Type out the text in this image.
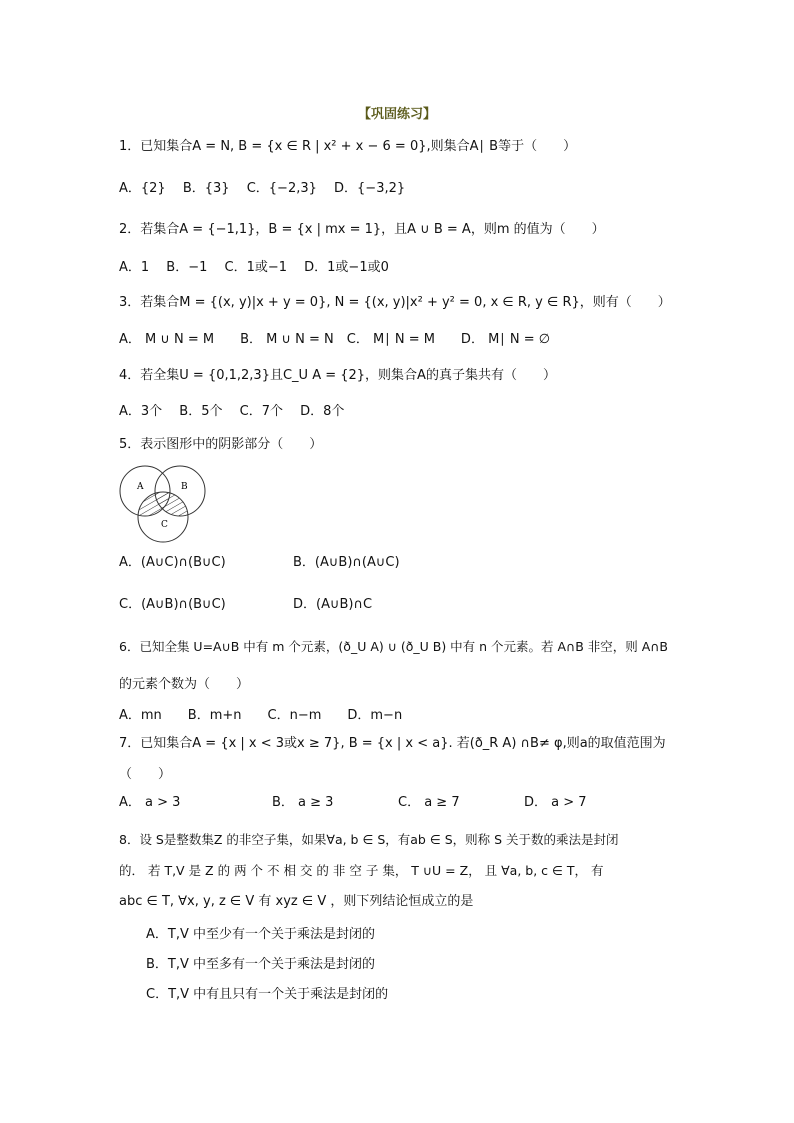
【巩固练习】
1．已知集合A = N, B = {x ∈ R | x² + x − 6 = 0},则集合A∣ B等于（　　）
A．{2}　 B．{3}　 C．{−2,3}　 D．{−3,2}
2．若集合A = {−1,1}，B = {x | mx = 1}，且A ∪ B = A，则m 的值为（　　）
A．1　 B．−1　 C．1或−1　 D．1或−1或0
3．若集合M = {(x, y)|x + y = 0}, N = {(x, y)|x² + y² = 0, x ∈ R, y ∈ R}，则有（　　）
A． M ∪ N = M　　B． M ∪ N = N　C． M∣ N = M　　D． M∣ N = ∅
4．若全集U = {0,1,2,3}且C_U A = {2}，则集合A的真子集共有（　　）
A．3个　 B．5个　 C．7个　 D．8个
5．表示图形中的阴影部分（　　）
A	B
C
A．(A∪C)∩(B∪C)	B．(A∪B)∩(A∪C)
C．(A∪B)∩(B∪C)	D．(A∪B)∩C
6．已知全集 U=A∪B 中有 m 个元素，(ð_U A) ∪ (ð_U B) 中有 n 个元素。若 A∩B 非空，则 A∩B
的元素个数为（　　）
A．mn　　B．m+n　　C．n−m　　D．m−n
7．已知集合A = {x | x < 3或x ≥ 7}, B = {x | x < a}. 若(ð_R A) ∩B≠ φ,则a的取值范围为
（　　）
A． a > 3	B． a ≥ 3	C． a ≥ 7	D． a > 7
8．设 S是整数集Z 的非空子集，如果∀a, b ∈ S，有ab ∈ S，则称 S 关于数的乘法是封闭
的． 若 T,V 是 Z 的 两 个 不 相 交 的 非 空 子 集， T ∪U = Z， 且 ∀a, b, c ∈ T， 有
abc ∈ T, ∀x, y, z ∈ V 有 xyz ∈ V ，则下列结论恒成立的是
A．T,V 中至少有一个关于乘法是封闭的
B．T,V 中至多有一个关于乘法是封闭的
C．T,V 中有且只有一个关于乘法是封闭的
